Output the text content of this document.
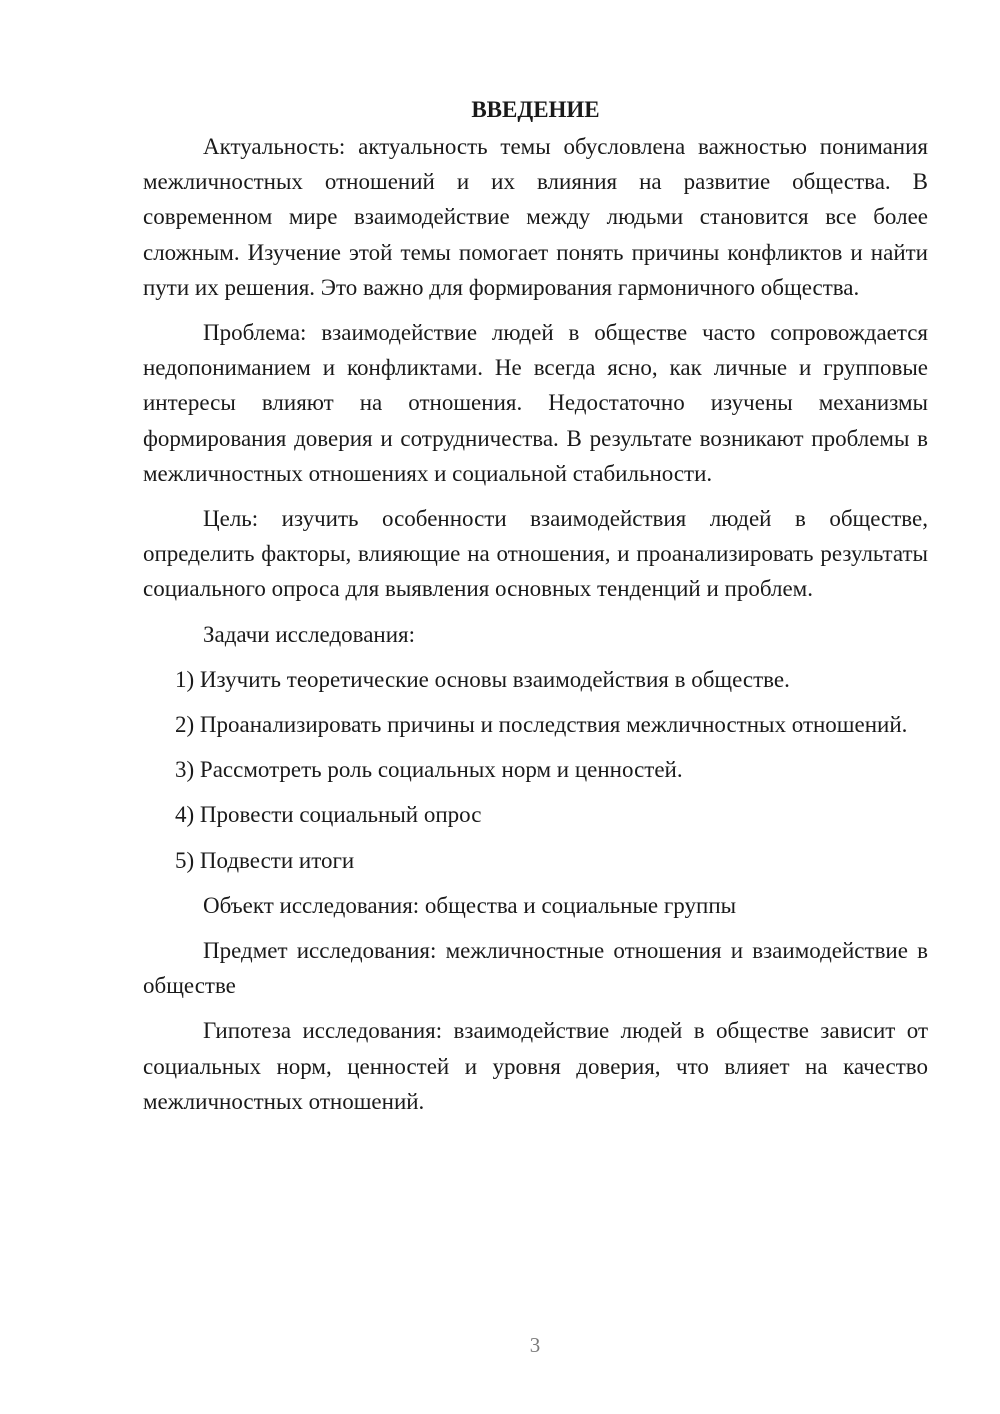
ВВЕДЕНИЕ

Актуальность: актуальность темы обусловлена важностью понимания межличностных отношений и их влияния на развитие общества. В современном мире взаимодействие между людьми становится все более сложным. Изучение этой темы помогает понять причины конфликтов и найти пути их решения. Это важно для формирования гармоничного общества.

Проблема: взаимодействие людей в обществе часто сопровождается недопониманием и конфликтами. Не всегда ясно, как личные и групповые интересы влияют на отношения. Недостаточно изучены механизмы формирования доверия и сотрудничества. В результате возникают проблемы в межличностных отношениях и социальной стабильности.

Цель: изучить особенности взаимодействия людей в обществе, определить факторы, влияющие на отношения, и проанализировать результаты социального опроса для выявления основных тенденций и проблем.

Задачи исследования:

1) Изучить теоретические основы взаимодействия в обществе.

2) Проанализировать причины и последствия межличностных отношений.

3) Рассмотреть роль социальных норм и ценностей.

4) Провести социальный опрос

5) Подвести итоги

Объект исследования: общества и социальные группы

Предмет исследования: межличностные отношения и взаимодействие в обществе

Гипотеза исследования: взаимодействие людей в обществе зависит от социальных норм, ценностей и уровня доверия, что влияет на качество межличностных отношений.

3
